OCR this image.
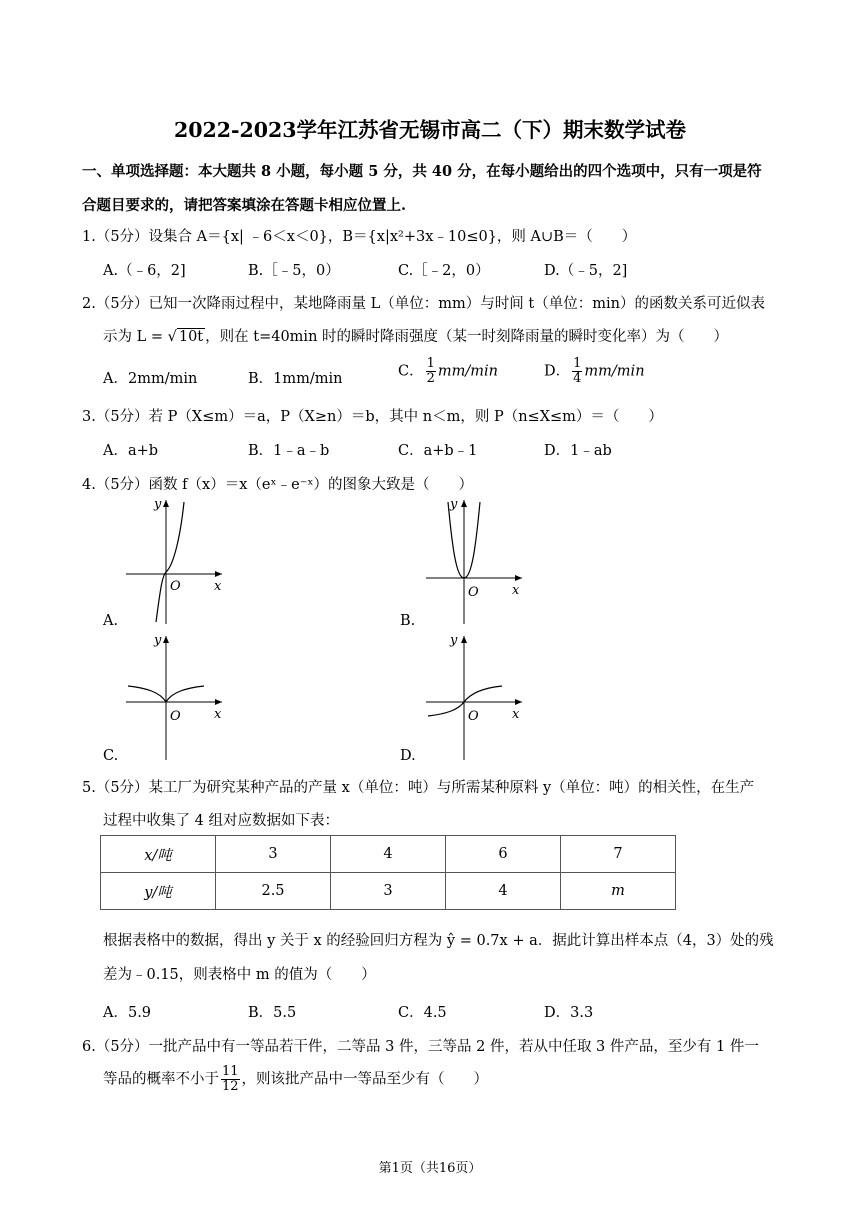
2022-2023学年江苏省无锡市高二（下）期末数学试卷
一、单项选择题：本大题共 8 小题，每小题 5 分，共 40 分，在每小题给出的四个选项中，只有一项是符
合题目要求的，请把答案填涂在答题卡相应位置上.
1.（5分）设集合 A＝{x| ﹣6＜x＜0}，B＝{x|x²+3x﹣10≤0}，则 A∪B＝（　　）
A.（﹣6，2]	B.［﹣5，0）	C.［﹣2，0）	D.（﹣5，2]
2.（5分）已知一次降雨过程中，某地降雨量 L（单位：mm）与时间 t（单位：min）的函数关系可近似表
示为 L = √ 10t ，则在 t=40min 时的瞬时降雨强度（某一时刻降雨量的瞬时变化率）为（　　）
A．2mm/min	B．1mm/min	C． $\frac{1}{2} mm/\min$	D． $\frac{1}{4} mm/\min$
3.（5分）若 P（X≤m）＝a，P（X≥n）＝b，其中 n＜m，则 P（n≤X≤m）＝（　　）
A．a+b	B．1﹣a﹣b	C．a+b﹣1	D．1﹣ab
4.（5分）函数 f（x）＝x（eˣ﹣e⁻ˣ）的图象大致是（　　）
y
x
O
A.
y
x
O
B.
y
x
O
C.
y
x
O
D.
5.（5分）某工厂为研究某种产品的产量 x（单位：吨）与所需某种原料 y（单位：吨）的相关性，在生产
过程中收集了 4 组对应数据如下表：
x/吨	3	4	6	7
y/吨	2.5	3	4	m
根据表格中的数据，得出 y 关于 x 的经验回归方程为 ŷ = 0.7x + a．据此计算出样本点（4，3）处的残
差为﹣0.15，则表格中 m 的值为（　　）
A．5.9	B．5.5	C．4.5	D．3.3
6.（5分）一批产品中有一等品若干件，二等品 3 件，三等品 2 件，若从中任取 3 件产品，至少有 1 件一
等品的概率不小于 $\frac{11}{12}$ ，则该批产品中一等品至少有（　　）
第1页（共16页）
